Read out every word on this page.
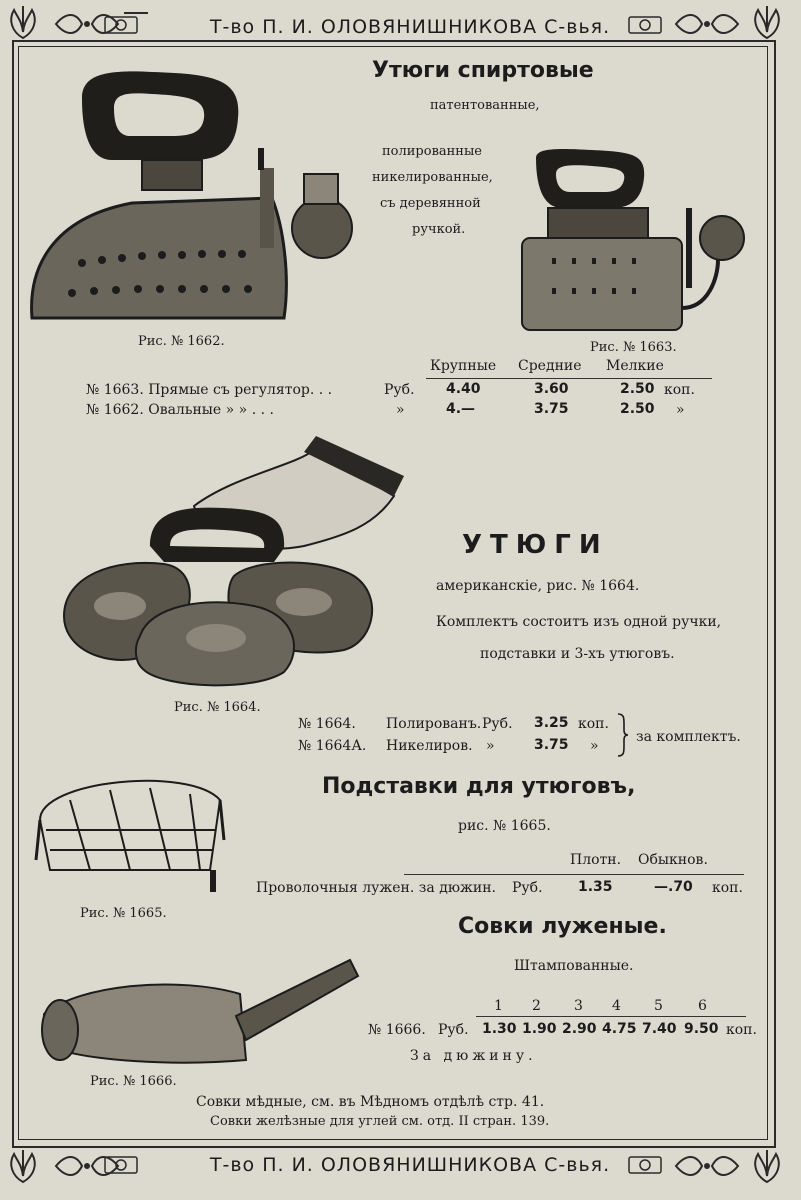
Т-во П. И. ОЛОВЯНИШНИКОВА С-вья.
Утюги спиртовые
патентованные,
полированные
никелированные,
съ деревянной
ручкой.
Рис. № 1662.	Рис. № 1663.
Крупные Средние Мелкие
№ 1663. Прямые съ регулятор. . .	Руб. 4.40	3.60	2.50 коп.
№ 1662. Овальные » » . . .	»	4.—	3.75	2.50 »
Рис. № 1664.
УТЮГИ
американскіе, рис. № 1664.
Комплектъ состоитъ изъ одной ручки,
подставки и 3-хъ утюговъ.
№ 1664. Полированъ. Руб. 3.25 коп.
№ 1664А. Никелиров. »	3.75 »
за комплектъ.
Подставки для утюговъ,
рис. № 1665.
Рис. № 1665.
Плотн. Обыкнов.
Проволочныя лужен. за дюжин. Руб.	1.35	—.70 коп.
Совки луженые.
Штампованные.
Рис. № 1666.
1 2 3 4 5	6
№ 1666. Руб. 1.30 1.90 2.90 4.75 7.40 9.50 коп.
За дюжину.
Совки мѣдные, см. въ Мѣдномъ отдѣлѣ стр. 41.
Совки желѣзные для углей см. отд. II стран. 139.
Т-во П. И. ОЛОВЯНИШНИКОВА С-вья.
